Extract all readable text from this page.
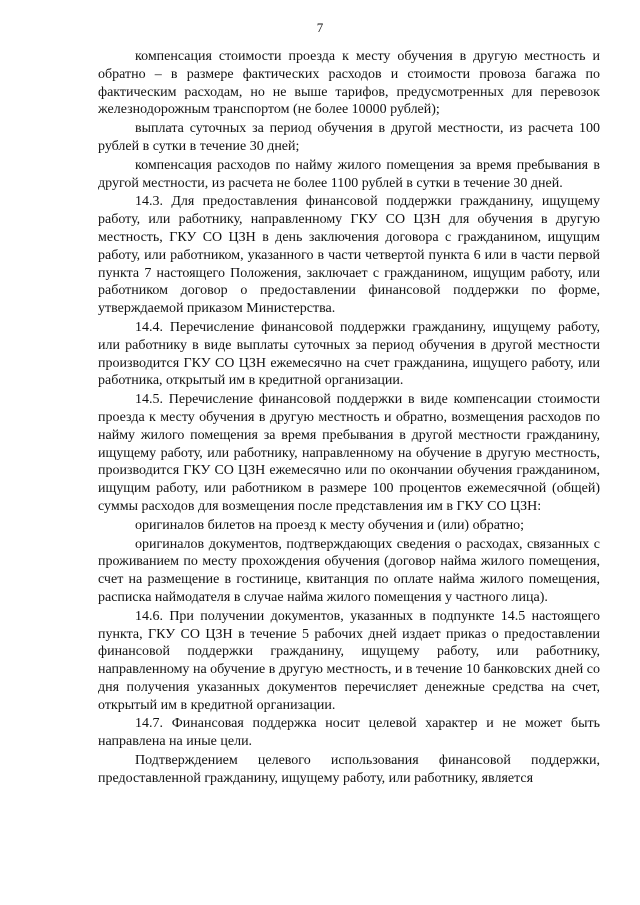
7

компенсация стоимости проезда к месту обучения в другую местность и обратно – в размере фактических расходов и стоимости провоза багажа по фактическим расходам, но не выше тарифов, предусмотренных для перевозок железнодорожным транспортом (не более 10000 рублей);

выплата суточных за период обучения в другой местности, из расчета 100 рублей в сутки в течение 30 дней;

компенсация расходов по найму жилого помещения за время пребывания в другой местности, из расчета не более 1100 рублей в сутки в течение 30 дней.

14.3. Для предоставления финансовой поддержки гражданину, ищущему работу, или работнику, направленному ГКУ СО ЦЗН для обучения в другую местность, ГКУ СО ЦЗН в день заключения договора с гражданином, ищущим работу, или работником, указанного в части четвертой пункта 6 или в части первой пункта 7 настоящего Положения, заключает с гражданином, ищущим работу, или работником договор о предоставлении финансовой поддержки по форме, утверждаемой приказом Министерства.

14.4. Перечисление финансовой поддержки гражданину, ищущему работу, или работнику в виде выплаты суточных за период обучения в другой местности производится ГКУ СО ЦЗН ежемесячно на счет гражданина, ищущего работу, или работника, открытый им в кредитной организации.

14.5. Перечисление финансовой поддержки в виде компенсации стоимости проезда к месту обучения в другую местность и обратно, возмещения расходов по найму жилого помещения за время пребывания в другой местности гражданину, ищущему работу, или работнику, направленному на обучение в другую местность, производится ГКУ СО ЦЗН ежемесячно или по окончании обучения гражданином, ищущим работу, или работником в размере 100 процентов ежемесячной (общей) суммы расходов для возмещения после представления им в ГКУ СО ЦЗН:

оригиналов билетов на проезд к месту обучения и (или) обратно;

оригиналов документов, подтверждающих сведения о расходах, связанных с проживанием по месту прохождения обучения (договор найма жилого помещения, счет на размещение в гостинице, квитанция по оплате найма жилого помещения, расписка наймодателя в случае найма жилого помещения у частного лица).

14.6. При получении документов, указанных в подпункте 14.5 настоящего пункта, ГКУ СО ЦЗН в течение 5 рабочих дней издает приказ о предоставлении финансовой поддержки гражданину, ищущему работу, или работнику, направленному на обучение в другую местность, и в течение 10 банковских дней со дня получения указанных документов перечисляет денежные средства на счет, открытый им в кредитной организации.

14.7. Финансовая поддержка носит целевой характер и не может быть направлена на иные цели.

Подтверждением целевого использования финансовой поддержки, предоставленной гражданину, ищущему работу, или работнику, является
